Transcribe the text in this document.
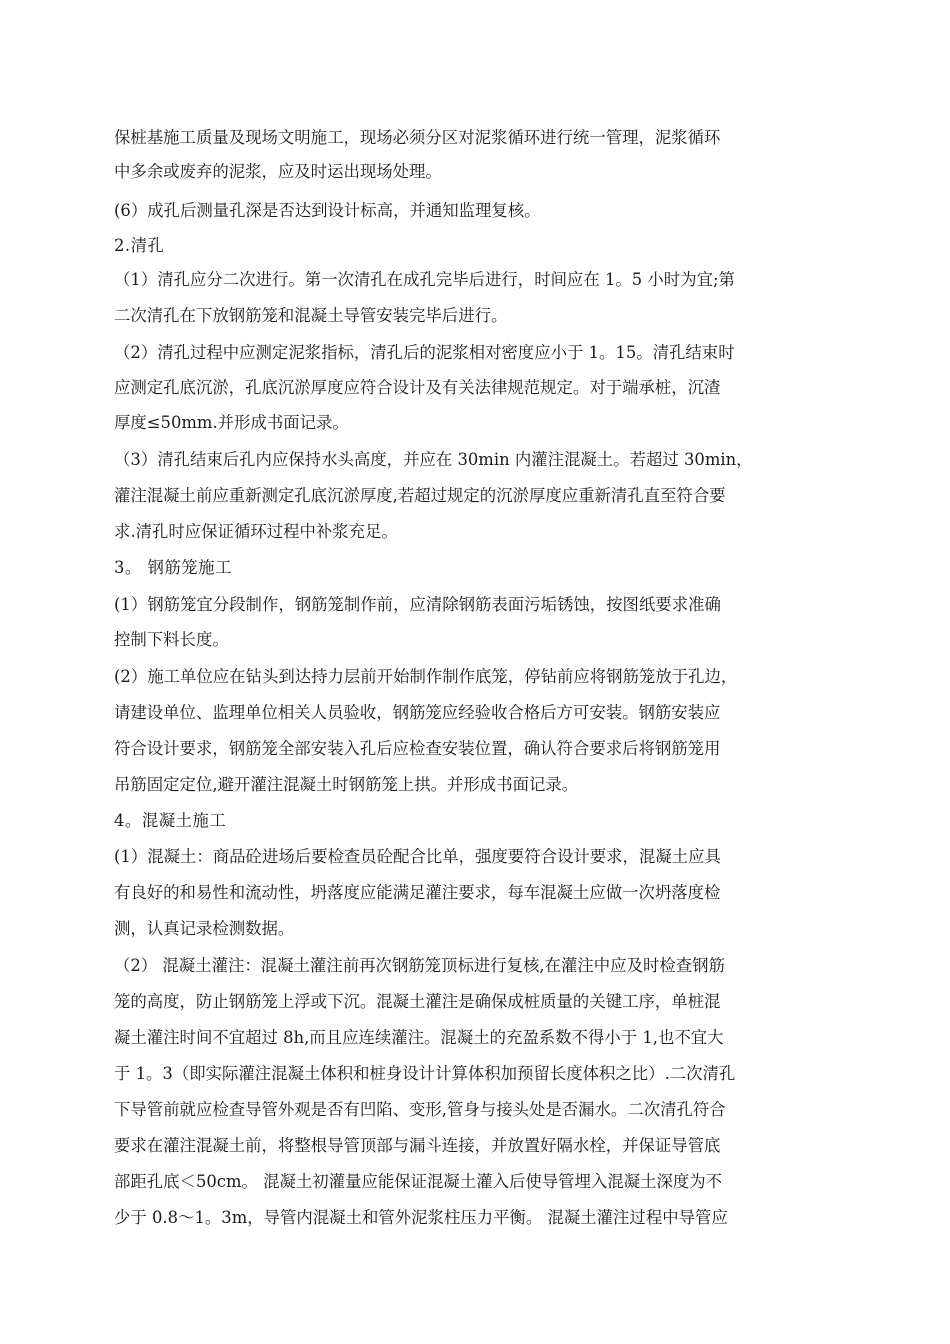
保桩基施工质量及现场文明施工，现场必须分区对泥浆循环进行统一管理，泥浆循环
中多余或废弃的泥浆，应及时运出现场处理。
(6）成孔后测量孔深是否达到设计标高，并通知监理复核。
2.清孔
（1）清孔应分二次进行。第一次清孔在成孔完毕后进行，时间应在 1。5 小时为宜;第
二次清孔在下放钢筋笼和混凝土导管安装完毕后进行。
（2）清孔过程中应测定泥浆指标，清孔后的泥浆相对密度应小于 1。15。清孔结束时
应测定孔底沉淤，孔底沉淤厚度应符合设计及有关法律规范规定。对于端承桩，沉渣
厚度≤50mm.并形成书面记录。
（3）清孔结束后孔内应保持水头高度，并应在 30min 内灌注混凝土。若超过 30min，
灌注混凝土前应重新测定孔底沉淤厚度,若超过规定的沉淤厚度应重新清孔直至符合要
求.清孔时应保证循环过程中补浆充足。
3。 钢筋笼施工
(1）钢筋笼宜分段制作，钢筋笼制作前，应清除钢筋表面污垢锈蚀，按图纸要求准确
控制下料长度。
(2）施工单位应在钻头到达持力层前开始制作制作底笼，停钻前应将钢筋笼放于孔边，
请建设单位、监理单位相关人员验收，钢筋笼应经验收合格后方可安装。钢筋安装应
符合设计要求，钢筋笼全部安装入孔后应检查安装位置，确认符合要求后将钢筋笼用
吊筋固定定位,避开灌注混凝土时钢筋笼上拱。并形成书面记录。
4。混凝土施工
(1）混凝土：商品砼进场后要检查员砼配合比单，强度要符合设计要求，混凝土应具
有良好的和易性和流动性，坍落度应能满足灌注要求，每车混凝土应做一次坍落度检
测，认真记录检测数据。
（2） 混凝土灌注：混凝土灌注前再次钢筋笼顶标进行复核,在灌注中应及时检查钢筋
笼的高度，防止钢筋笼上浮或下沉。混凝土灌注是确保成桩质量的关键工序，单桩混
凝土灌注时间不宜超过 8h,而且应连续灌注。混凝土的充盈系数不得小于 1,也不宜大
于 1。3（即实际灌注混凝土体积和桩身设计计算体积加预留长度体积之比）.二次清孔
下导管前就应检查导管外观是否有凹陷、变形,管身与接头处是否漏水。二次清孔符合
要求在灌注混凝土前，将整根导管顶部与漏斗连接，并放置好隔水栓，并保证导管底
部距孔底＜50cm。 混凝土初灌量应能保证混凝土灌入后使导管埋入混凝土深度为不
少于 0.8～1。3m，导管内混凝土和管外泥浆柱压力平衡。 混凝土灌注过程中导管应
